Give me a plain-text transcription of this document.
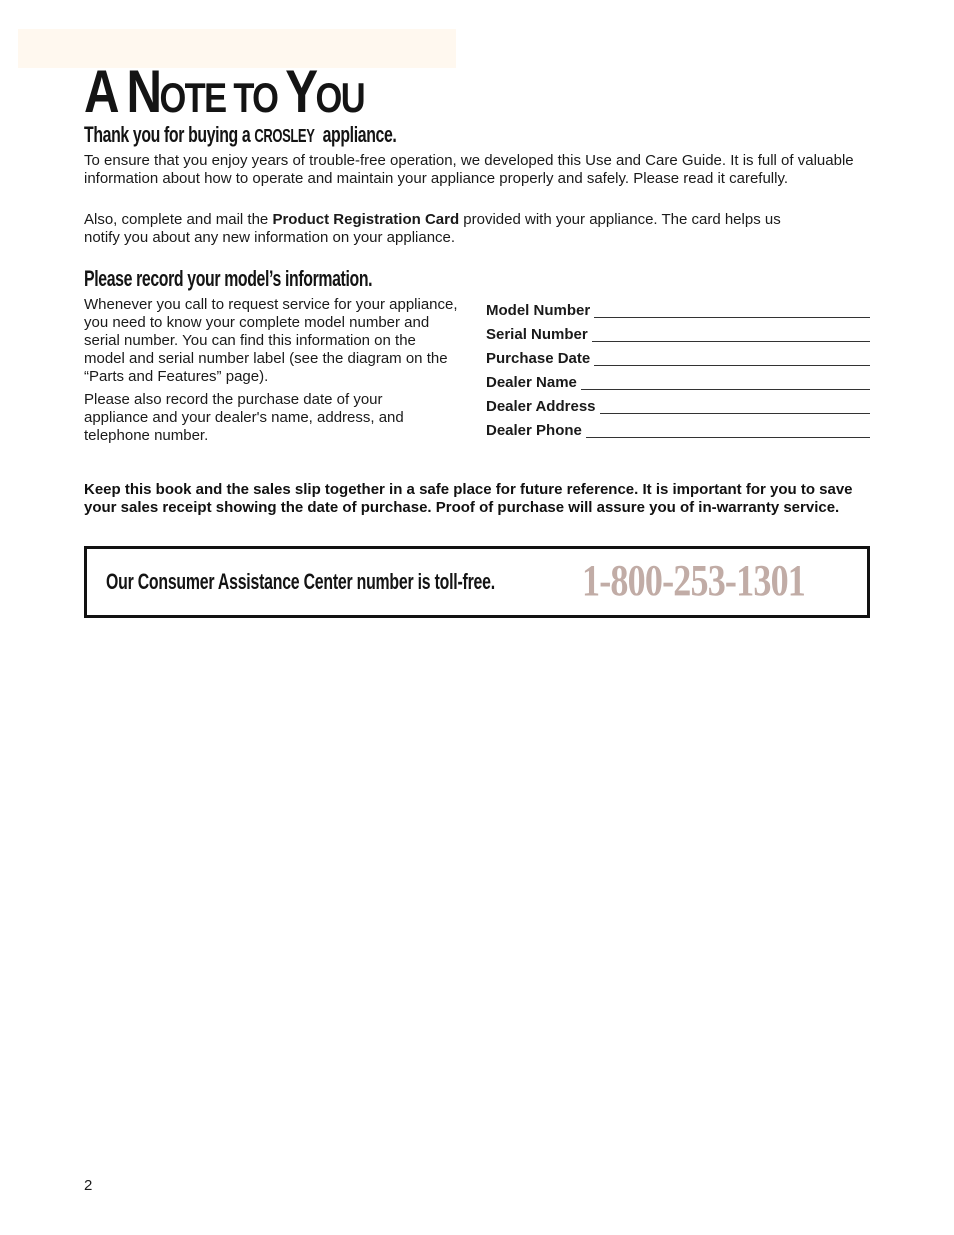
A NOTE TO YOU
Thank you for buying a CROSLEY  appliance.

To ensure that you enjoy years of trouble-free operation, we developed this Use and Care Guide. It is full of valuable information about how to operate and maintain your appliance properly and safely. Please read it carefully.

Also, complete and mail the Product Registration Card provided with your appliance. The card helps us notify you about any new information on your appliance.

Please record your model’s information.

Whenever you call to request service for your appliance, you need to know your complete model number and serial number. You can find this information on the model and serial number label (see the diagram on the “Parts and Features” page).

Please also record the purchase date of your appliance and your dealer's name, address, and telephone number.

Model Number
Serial Number
Purchase Date
Dealer Name
Dealer Address
Dealer Phone

Keep this book and the sales slip together in a safe place for future reference. It is important for you to save your sales receipt showing the date of purchase. Proof of purchase will assure you of in-warranty service.

Our Consumer Assistance Center number is toll-free. 1-800-253-1301

2
